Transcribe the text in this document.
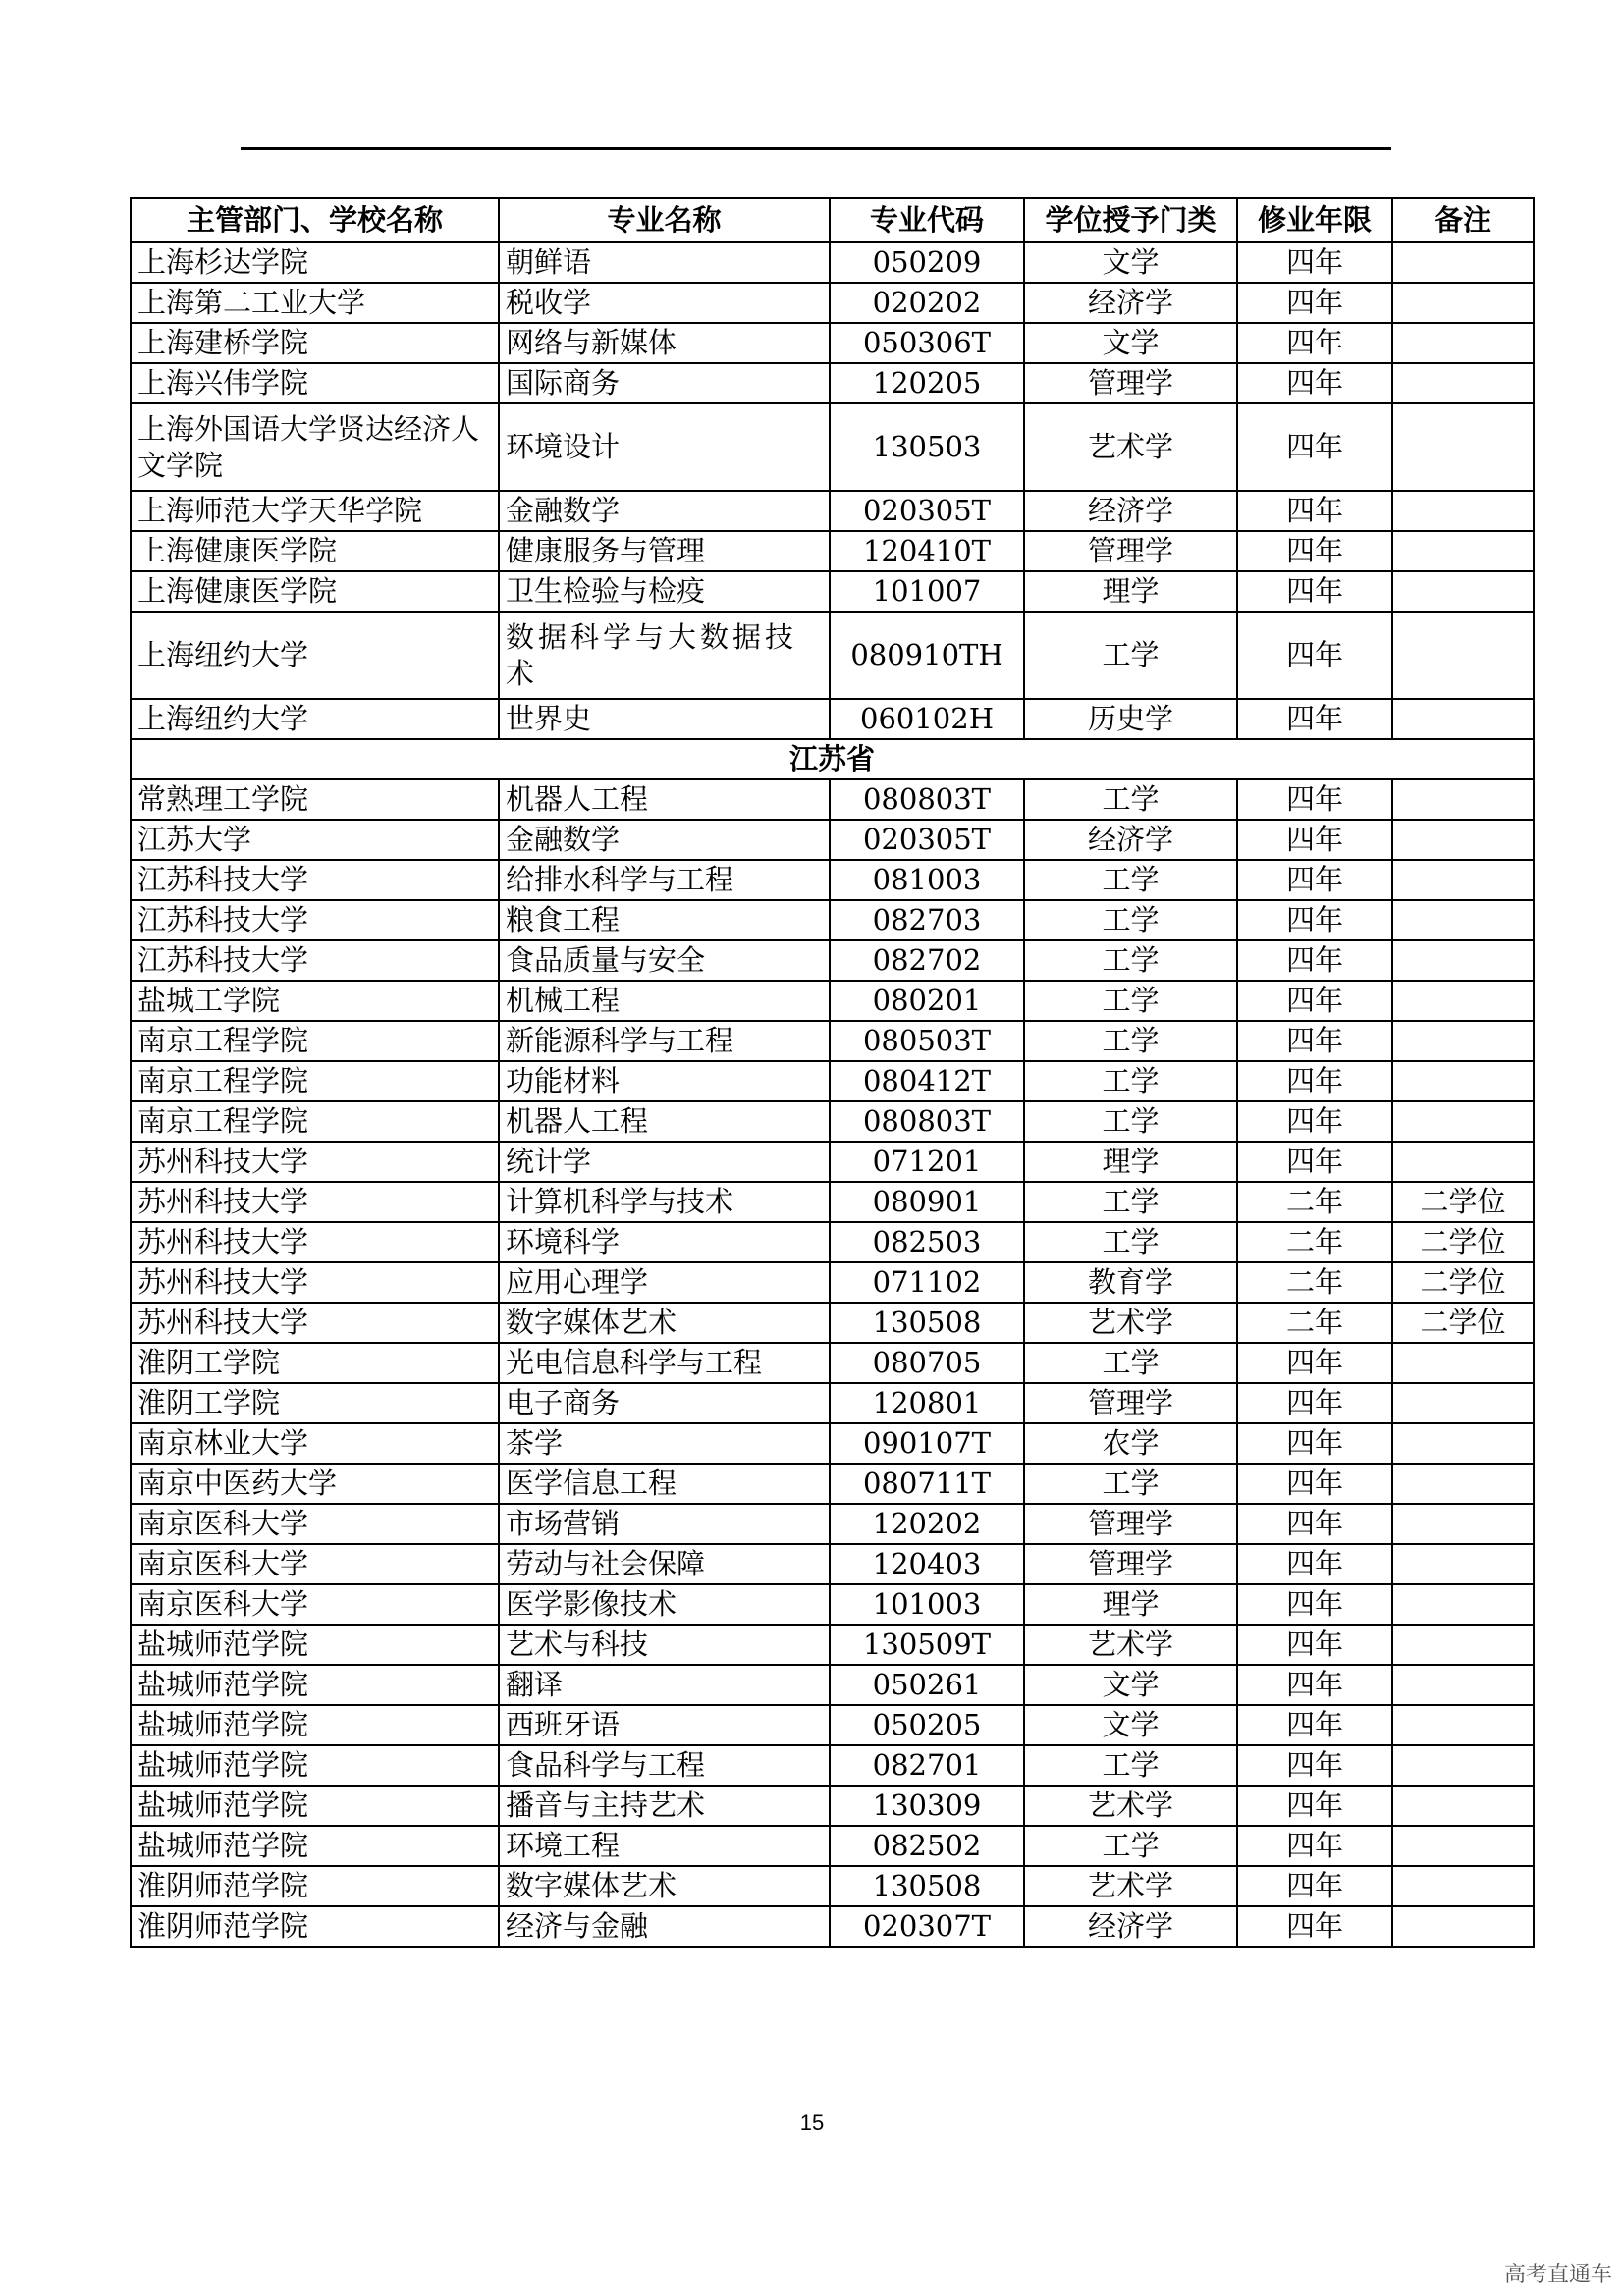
主管部门、学校名称	专业名称	专业代码	学位授予门类	修业年限	备注
上海杉达学院	朝鲜语	050209	文学	四年	
上海第二工业大学	税收学	020202	经济学	四年	
上海建桥学院	网络与新媒体	050306T	文学	四年	
上海兴伟学院	国际商务	120205	管理学	四年	
上海外国语大学贤达经济人文学院	环境设计	130503	艺术学	四年	
上海师范大学天华学院	金融数学	020305T	经济学	四年	
上海健康医学院	健康服务与管理	120410T	管理学	四年	
上海健康医学院	卫生检验与检疫	101007	理学	四年	
上海纽约大学	数据科学与大数据技术	080910TH	工学	四年	
上海纽约大学	世界史	060102H	历史学	四年	
江苏省					
常熟理工学院	机器人工程	080803T	工学	四年	
江苏大学	金融数学	020305T	经济学	四年	
江苏科技大学	给排水科学与工程	081003	工学	四年	
江苏科技大学	粮食工程	082703	工学	四年	
江苏科技大学	食品质量与安全	082702	工学	四年	
盐城工学院	机械工程	080201	工学	四年	
南京工程学院	新能源科学与工程	080503T	工学	四年	
南京工程学院	功能材料	080412T	工学	四年	
南京工程学院	机器人工程	080803T	工学	四年	
苏州科技大学	统计学	071201	理学	四年	
苏州科技大学	计算机科学与技术	080901	工学	二年	二学位
苏州科技大学	环境科学	082503	工学	二年	二学位
苏州科技大学	应用心理学	071102	教育学	二年	二学位
苏州科技大学	数字媒体艺术	130508	艺术学	二年	二学位
淮阴工学院	光电信息科学与工程	080705	工学	四年	
淮阴工学院	电子商务	120801	管理学	四年	
南京林业大学	茶学	090107T	农学	四年	
南京中医药大学	医学信息工程	080711T	工学	四年	
南京医科大学	市场营销	120202	管理学	四年	
南京医科大学	劳动与社会保障	120403	管理学	四年	
南京医科大学	医学影像技术	101003	理学	四年	
盐城师范学院	艺术与科技	130509T	艺术学	四年	
盐城师范学院	翻译	050261	文学	四年	
盐城师范学院	西班牙语	050205	文学	四年	
盐城师范学院	食品科学与工程	082701	工学	四年	
盐城师范学院	播音与主持艺术	130309	艺术学	四年	
盐城师范学院	环境工程	082502	工学	四年	
淮阴师范学院	数字媒体艺术	130508	艺术学	四年	
淮阴师范学院	经济与金融	020307T	经济学	四年	
15
高考直通车
